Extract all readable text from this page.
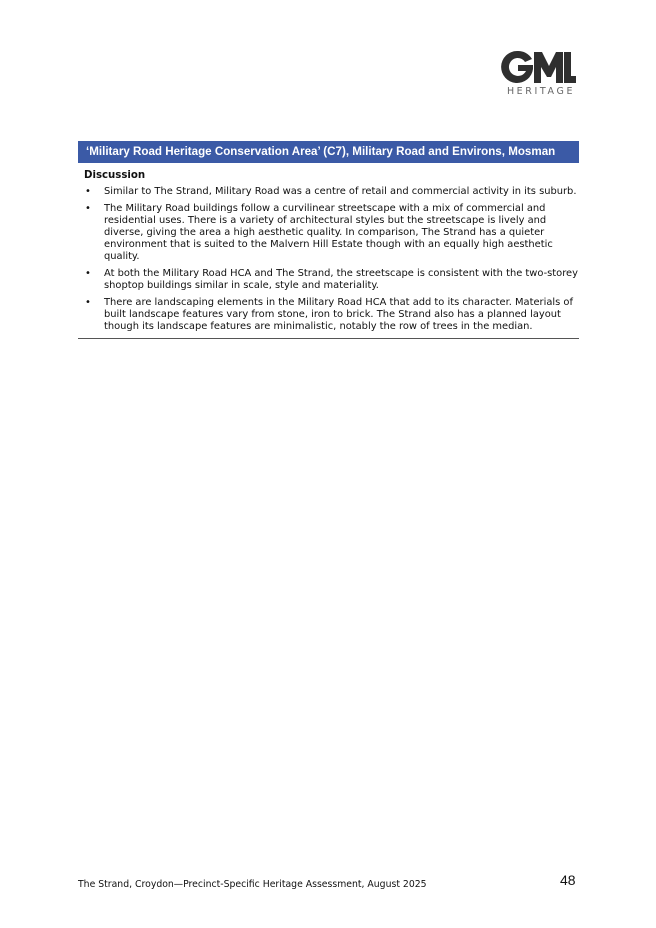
HERITAGE
‘Military Road Heritage Conservation Area’ (C7), Military Road and Environs, Mosman
Discussion
• Similar to The Strand, Military Road was a centre of retail and commercial activity in its suburb.
• The Military Road buildings follow a curvilinear streetscape with a mix of commercial and residential uses. There is a variety of architectural styles but the streetscape is lively and diverse, giving the area a high aesthetic quality. In comparison, The Strand has a quieter environment that is suited to the Malvern Hill Estate though with an equally high aesthetic quality.
• At both the Military Road HCA and The Strand, the streetscape is consistent with the two-storey shoptop buildings similar in scale, style and materiality.
• There are landscaping elements in the Military Road HCA that add to its character. Materials of built landscape features vary from stone, iron to brick. The Strand also has a planned layout though its landscape features are minimalistic, notably the row of trees in the median.
The Strand, Croydon—Precinct-Specific Heritage Assessment, August 2025	48
